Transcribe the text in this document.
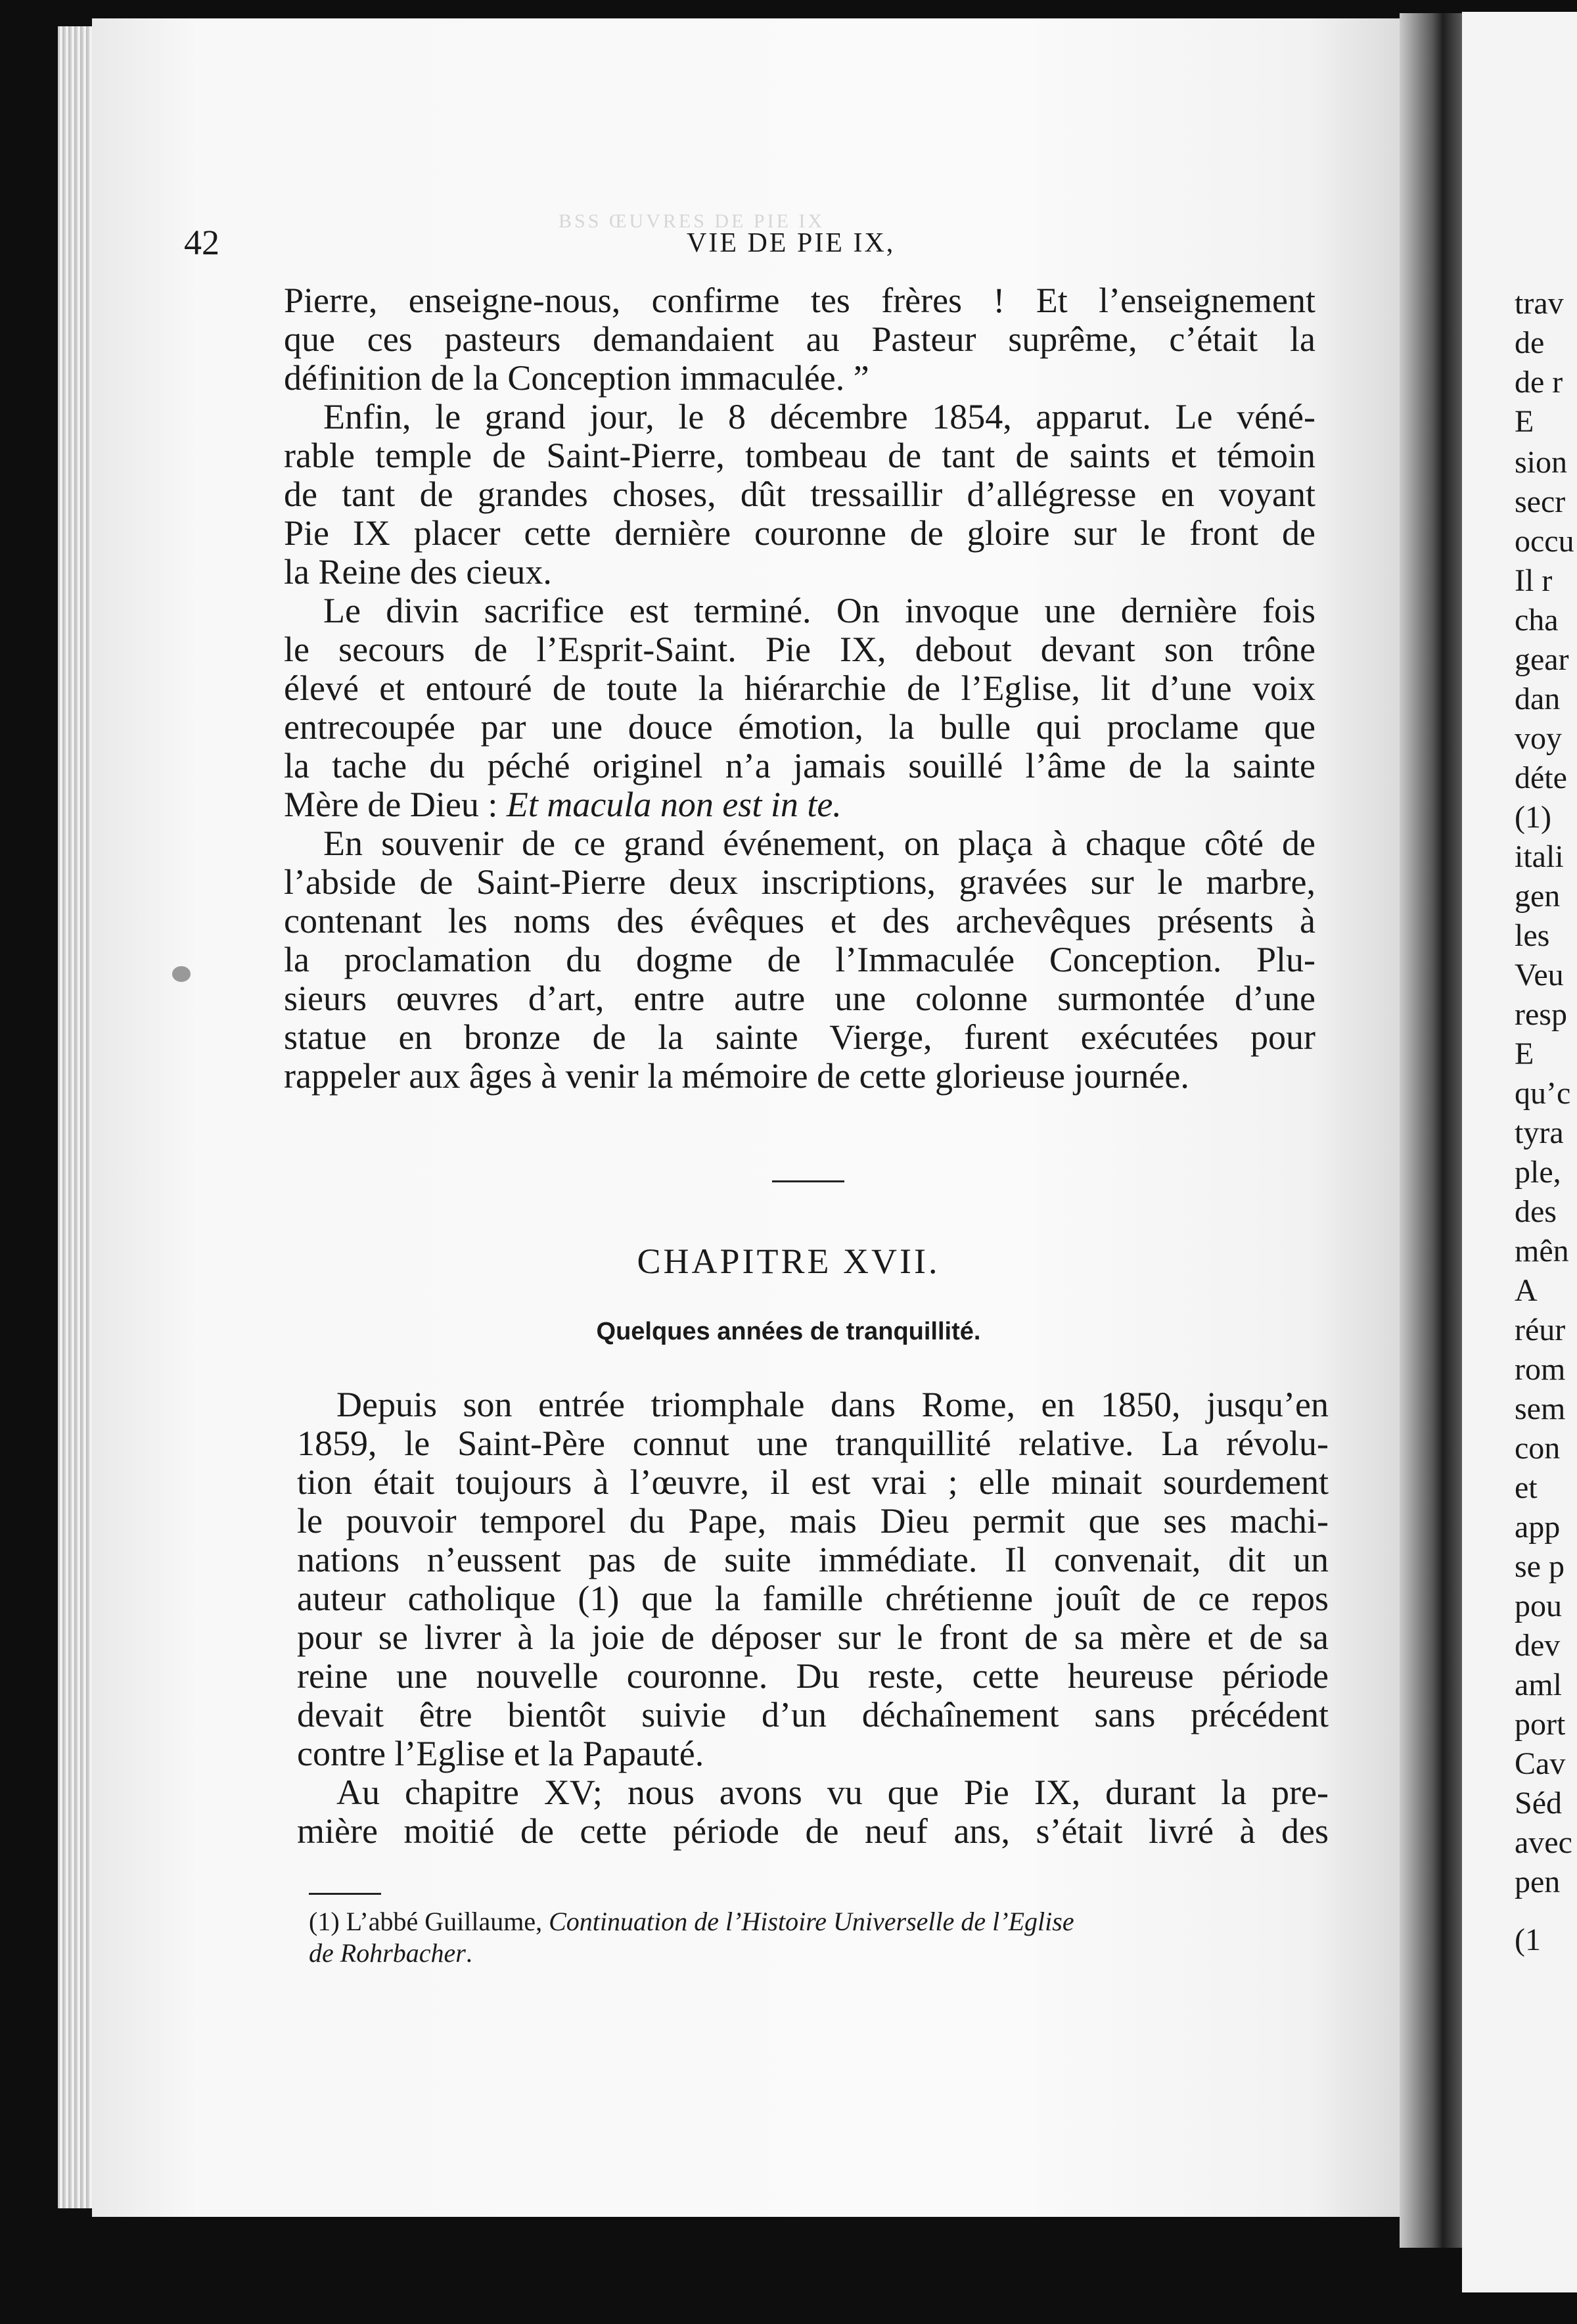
trav
de
de r
E
sion
secr
occu
Il r
cha
gear
dan
voy
déte
(1)
itali
gen
les
Veu
resp
E
qu’c
tyra
ple,
des
mên
A
réur
rom
sem
con
et
app
se p
pou
dev
aml
port
Cav
Séd
avec
pen
(1
BSS ŒUVRES DE PIE IX
42	VIE DE PIE IX,
Pierre, enseigne-nous, confirme tes frères ! Et l’enseignement
que ces pasteurs demandaient au Pasteur suprême, c’était la
définition de la Conception immaculée. ”
Enfin, le grand jour, le 8 décembre 1854, apparut. Le véné-
rable temple de Saint-Pierre, tombeau de tant de saints et témoin
de tant de grandes choses, dût tressaillir d’allégresse en voyant
Pie IX placer cette dernière couronne de gloire sur le front de
la Reine des cieux.
Le divin sacrifice est terminé. On invoque une dernière fois
le secours de l’Esprit-Saint. Pie IX, debout devant son trône
élevé et entouré de toute la hiérarchie de l’Eglise, lit d’une voix
entrecoupée par une douce émotion, la bulle qui proclame que
la tache du péché originel n’a jamais souillé l’âme de la sainte
Mère de Dieu : Et macula non est in te.
En souvenir de ce grand événement, on plaça à chaque côté de
l’abside de Saint-Pierre deux inscriptions, gravées sur le marbre,
contenant les noms des évêques et des archevêques présents à
la proclamation du dogme de l’Immaculée Conception. Plu-
sieurs œuvres d’art, entre autre une colonne surmontée d’une
statue en bronze de la sainte Vierge, furent exécutées pour
rappeler aux âges à venir la mémoire de cette glorieuse journée.
CHAPITRE XVII.
Quelques années de tranquillité.
Depuis son entrée triomphale dans Rome, en 1850, jusqu’en
1859, le Saint-Père connut une tranquillité relative. La révolu-
tion était toujours à l’œuvre, il est vrai ; elle minait sourdement
le pouvoir temporel du Pape, mais Dieu permit que ses machi-
nations n’eussent pas de suite immédiate. Il convenait, dit un
auteur catholique (1) que la famille chrétienne jouît de ce repos
pour se livrer à la joie de déposer sur le front de sa mère et de sa
reine une nouvelle couronne. Du reste, cette heureuse période
devait être bientôt suivie d’un déchaînement sans précédent
contre l’Eglise et la Papauté.
Au chapitre XV; nous avons vu que Pie IX, durant la pre-
mière moitié de cette période de neuf ans, s’était livré à des
(1) L’abbé Guillaume, Continuation de l’Histoire Universelle de l’Eglise
de Rohrbacher.
